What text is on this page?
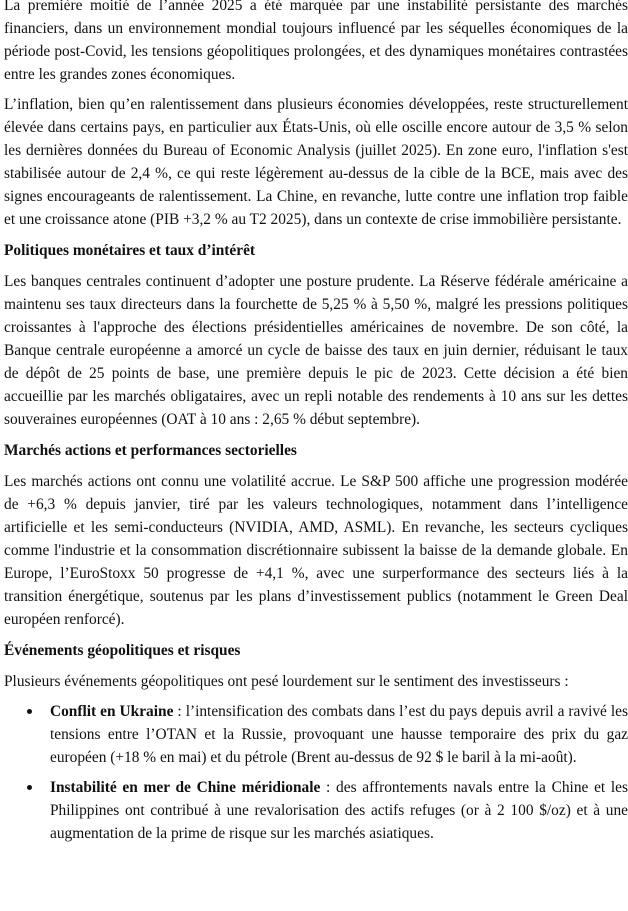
La première moitié de l’année 2025 a été marquée par une instabilité persistante des marchés financiers, dans un environnement mondial toujours influencé par les séquelles économiques de la période post-Covid, les tensions géopolitiques prolongées, et des dynamiques monétaires contrastées entre les grandes zones économiques.

L’inflation, bien qu’en ralentissement dans plusieurs économies développées, reste structurellement élevée dans certains pays, en particulier aux États-Unis, où elle oscille encore autour de 3,5 % selon les dernières données du Bureau of Economic Analysis (juillet 2025). En zone euro, l'inflation s'est stabilisée autour de 2,4 %, ce qui reste légèrement au-dessus de la cible de la BCE, mais avec des signes encourageants de ralentissement. La Chine, en revanche, lutte contre une inflation trop faible et une croissance atone (PIB +3,2 % au T2 2025), dans un contexte de crise immobilière persistante.

Politiques monétaires et taux d’intérêt

Les banques centrales continuent d’adopter une posture prudente. La Réserve fédérale américaine a maintenu ses taux directeurs dans la fourchette de 5,25 % à 5,50 %, malgré les pressions politiques croissantes à l'approche des élections présidentielles américaines de novembre. De son côté, la Banque centrale européenne a amorcé un cycle de baisse des taux en juin dernier, réduisant le taux de dépôt de 25 points de base, une première depuis le pic de 2023. Cette décision a été bien accueillie par les marchés obligataires, avec un repli notable des rendements à 10 ans sur les dettes souveraines européennes (OAT à 10 ans : 2,65 % début septembre).

Marchés actions et performances sectorielles

Les marchés actions ont connu une volatilité accrue. Le S&P 500 affiche une progression modérée de +6,3 % depuis janvier, tiré par les valeurs technologiques, notamment dans l’intelligence artificielle et les semi-conducteurs (NVIDIA, AMD, ASML). En revanche, les secteurs cycliques comme l'industrie et la consommation discrétionnaire subissent la baisse de la demande globale. En Europe, l’EuroStoxx 50 progresse de +4,1 %, avec une surperformance des secteurs liés à la transition énergétique, soutenus par les plans d’investissement publics (notamment le Green Deal européen renforcé).

Événements géopolitiques et risques

Plusieurs événements géopolitiques ont pesé lourdement sur le sentiment des investisseurs :

Conflit en Ukraine : l’intensification des combats dans l’est du pays depuis avril a ravivé les tensions entre l’OTAN et la Russie, provoquant une hausse temporaire des prix du gaz européen (+18 % en mai) et du pétrole (Brent au-dessus de 92 $ le baril à la mi-août).
Instabilité en mer de Chine méridionale : des affrontements navals entre la Chine et les Philippines ont contribué à une revalorisation des actifs refuges (or à 2 100 $/oz) et à une augmentation de la prime de risque sur les marchés asiatiques.
